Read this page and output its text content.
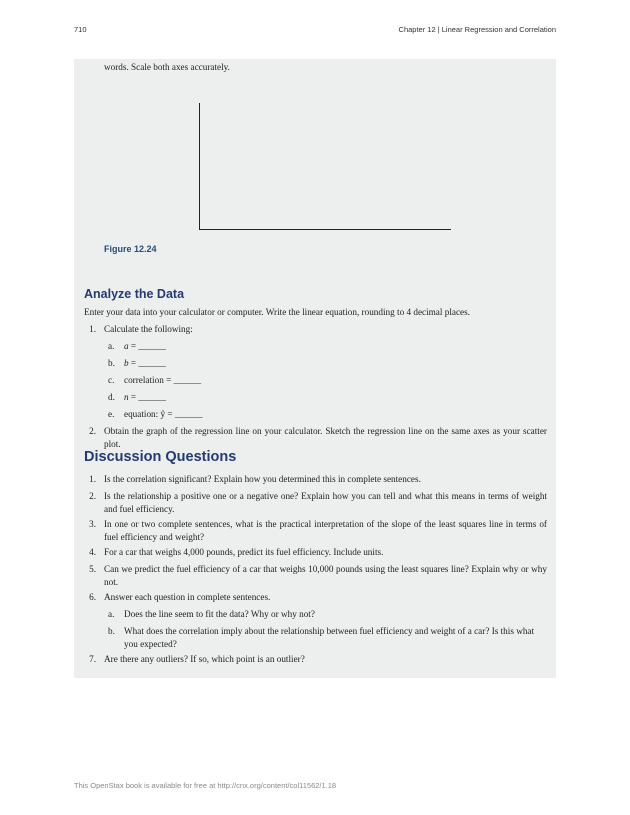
710	Chapter 12 | Linear Regression and Correlation
words. Scale both axes accurately.
Figure 12.24
Analyze the Data
Enter your data into your calculator or computer. Write the linear equation, rounding to 4 decimal places.
1. Calculate the following:
a.	a = ______
b. b = ______
c.	correlation = ______
d. n = ______
e.	equation: ŷ = ______
2. Obtain the graph of the regression line on your calculator. Sketch the regression line on the same axes as your scatter plot.
Discussion Questions
1. Is the correlation significant? Explain how you determined this in complete sentences.
2. Is the relationship a positive one or a negative one? Explain how you can tell and what this means in terms of weight and fuel efficiency.
3. In one or two complete sentences, what is the practical interpretation of the slope of the least squares line in terms of fuel efficiency and weight?
4. For a car that weighs 4,000 pounds, predict its fuel efficiency. Include units.
5. Can we predict the fuel efficiency of a car that weighs 10,000 pounds using the least squares line? Explain why or why not.
6. Answer each question in complete sentences.
a.	Does the line seem to fit the data? Why or why not?
b. What does the correlation imply about the relationship between fuel efficiency and weight of a car? Is this what you expected?
7. Are there any outliers? If so, which point is an outlier?
This OpenStax book is available for free at http://cnx.org/content/col11562/1.18
